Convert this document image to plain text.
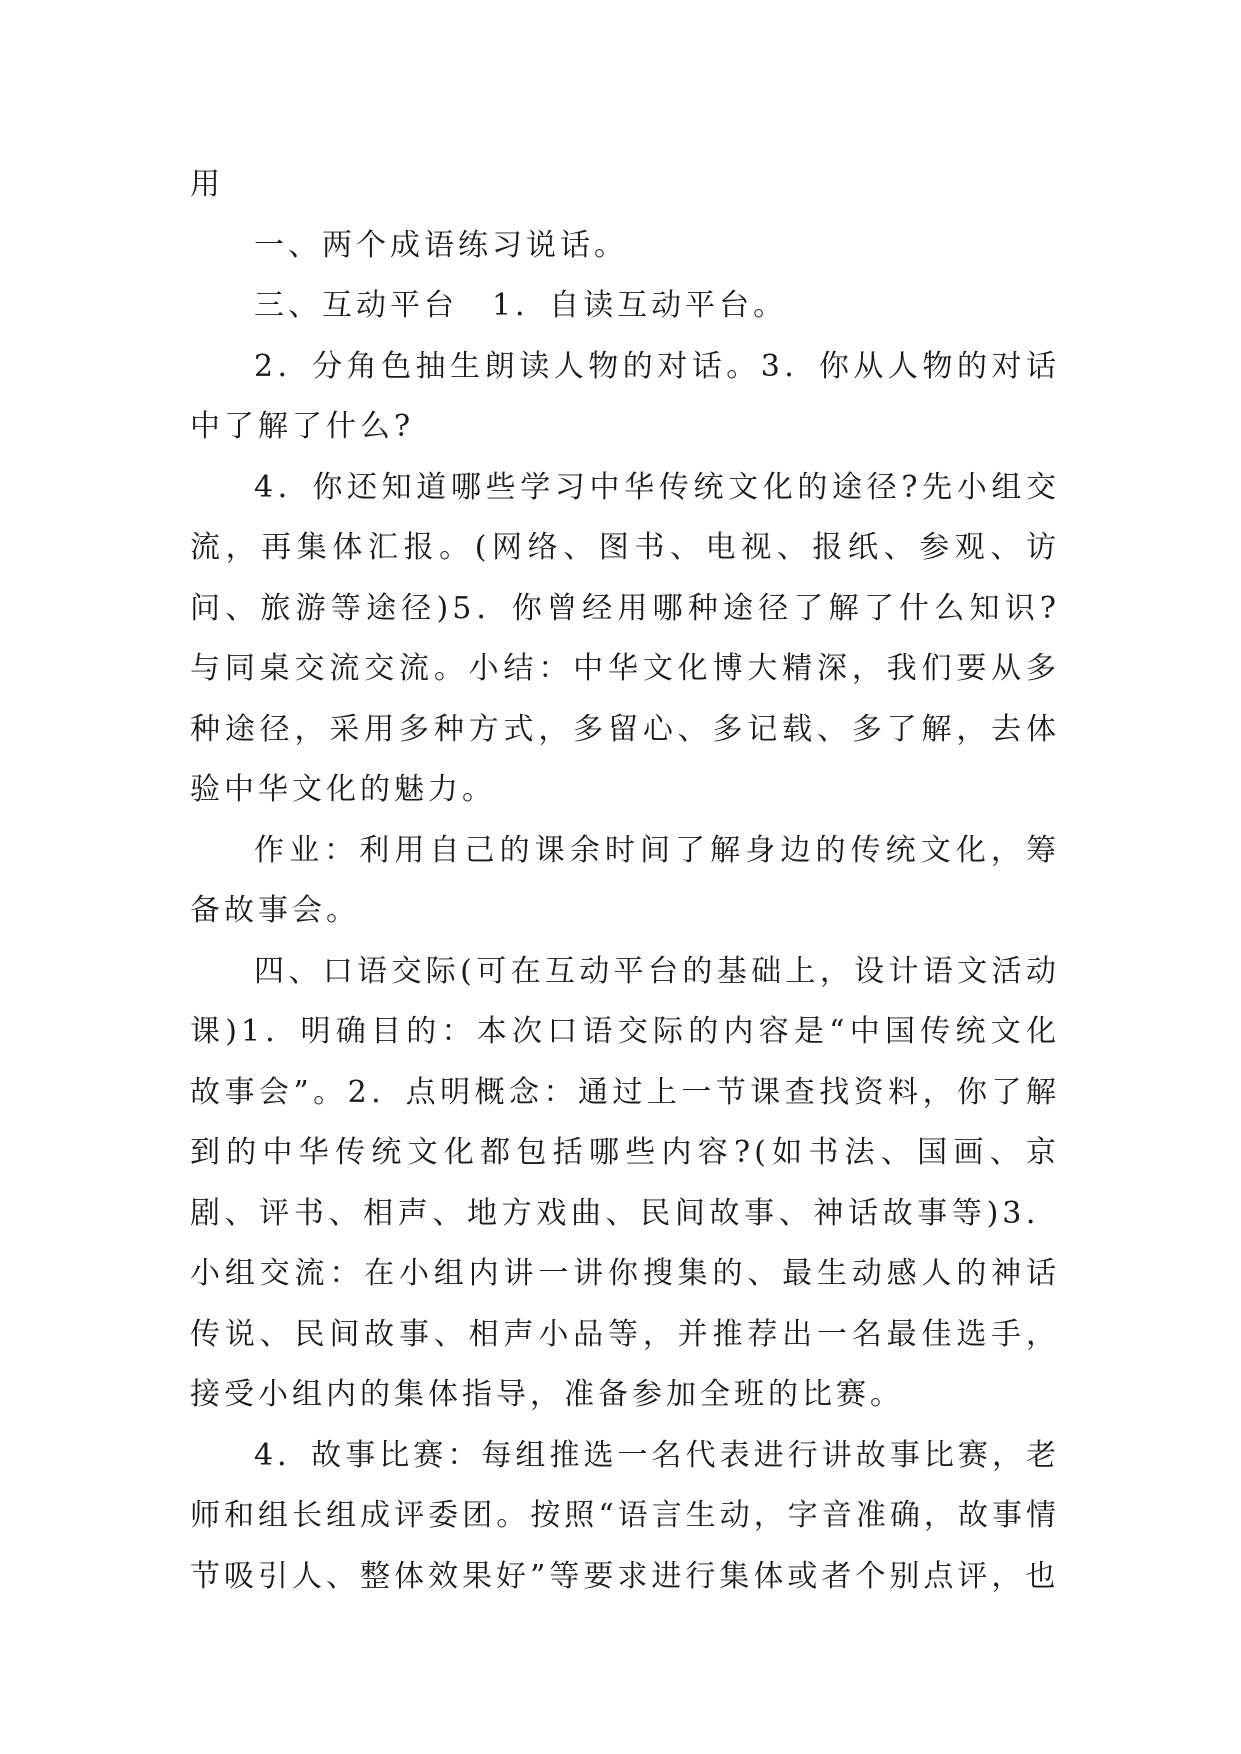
用

一、两个成语练习说话。

三、互动平台　1．自读互动平台。

2．分角色抽生朗读人物的对话。3．你从人物的对话中了解了什么?

4．你还知道哪些学习中华传统文化的途径?先小组交流，再集体汇报。(网络、图书、电视、报纸、参观、访问、旅游等途径)5．你曾经用哪种途径了解了什么知识?与同桌交流交流。小结：中华文化博大精深，我们要从多种途径，采用多种方式，多留心、多记载、多了解，去体验中华文化的魅力。

作业：利用自己的课余时间了解身边的传统文化，筹备故事会。

四、口语交际(可在互动平台的基础上，设计语文活动课)1．明确目的：本次口语交际的内容是“中国传统文化故事会”。2．点明概念：通过上一节课查找资料，你了解到的中华传统文化都包括哪些内容?(如书法、国画、京剧、评书、相声、地方戏曲、民间故事、神话故事等)3．小组交流：在小组内讲一讲你搜集的、最生动感人的神话传说、民间故事、相声小品等，并推荐出一名最佳选手，接受小组内的集体指导，准备参加全班的比赛。

4．故事比赛：每组推选一名代表进行讲故事比赛，老师和组长组成评委团。按照“语言生动，字音准确，故事情节吸引人、整体效果好”等要求进行集体或者个别点评，也
